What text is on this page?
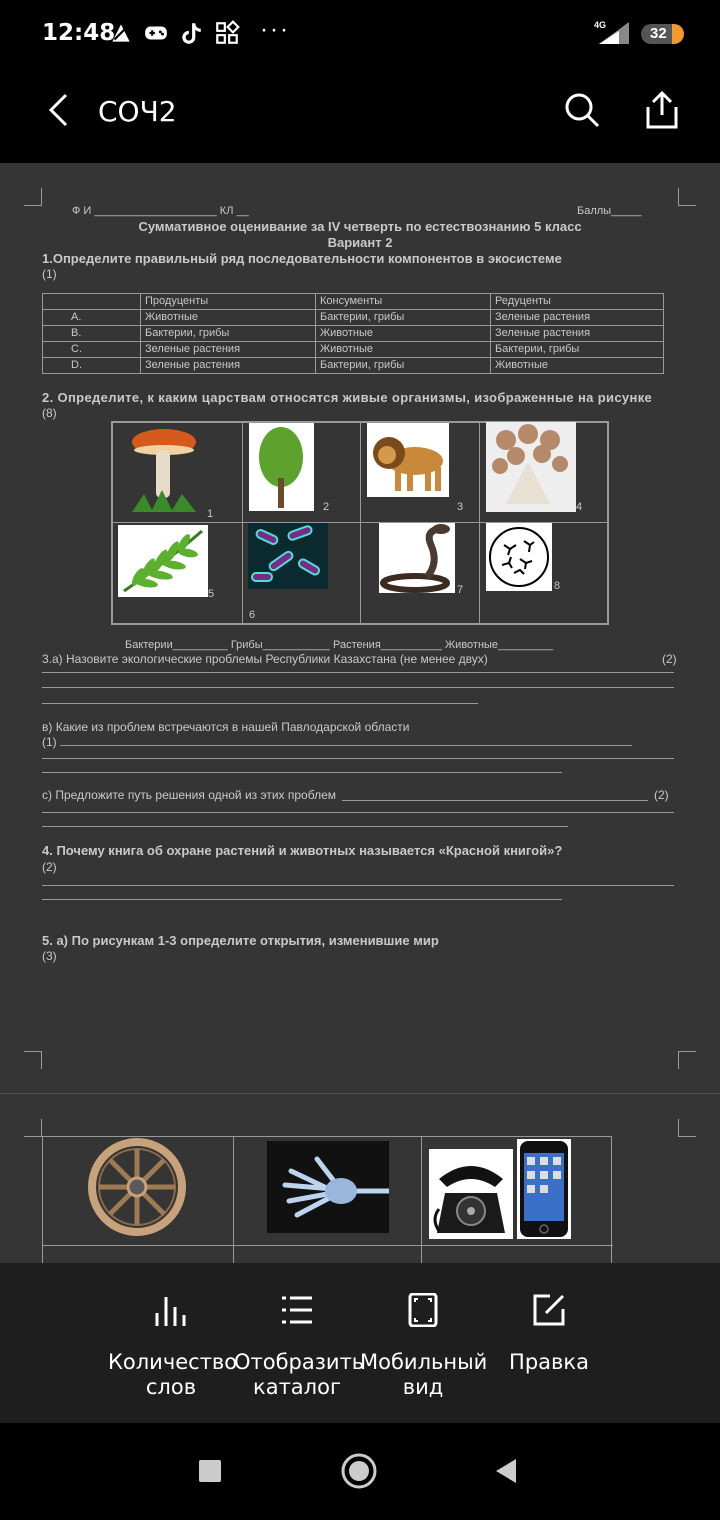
12:48	···	4G	32
СОЧ2
Ф И ____________________ КЛ __	Баллы_____
Суммативное оценивание за IV четверть по естествознанию 5 класс
Вариант 2
1.Определите правильный ряд последовательности компонентов в экосистеме
(1)
	Продуценты	Консументы	Редуценты
A.	Животные	Бактерии, грибы	Зеленые растения
B.	Бактерии, грибы	Животные	Зеленые растения
C.	Зеленые растения	Животные	Бактерии, грибы
D.	Зеленые растения	Бактерии, грибы	Животные
2. Определите, к каким царствам относятся живые организмы, изображенные на рисунке
(8)
1
2	3	4
5
6
7	8
Бактерии_________ Грибы___________ Растения__________ Животные_________
3.а) Назовите экологические проблемы Республики Казахстана (не менее двух)	(2)
в) Какие из проблем встречаются в нашей Павлодарской области
(1)
с) Предложите путь решения одной из этих проблем	(2)
4. Почему книга об охране растений и животных называется «Красной книгой»?
(2)
5. а) По рисункам 1-3 определите открытия, изменившие мир
(3)
Количество слов
Отобразить каталог
Мобильный вид
Правка
